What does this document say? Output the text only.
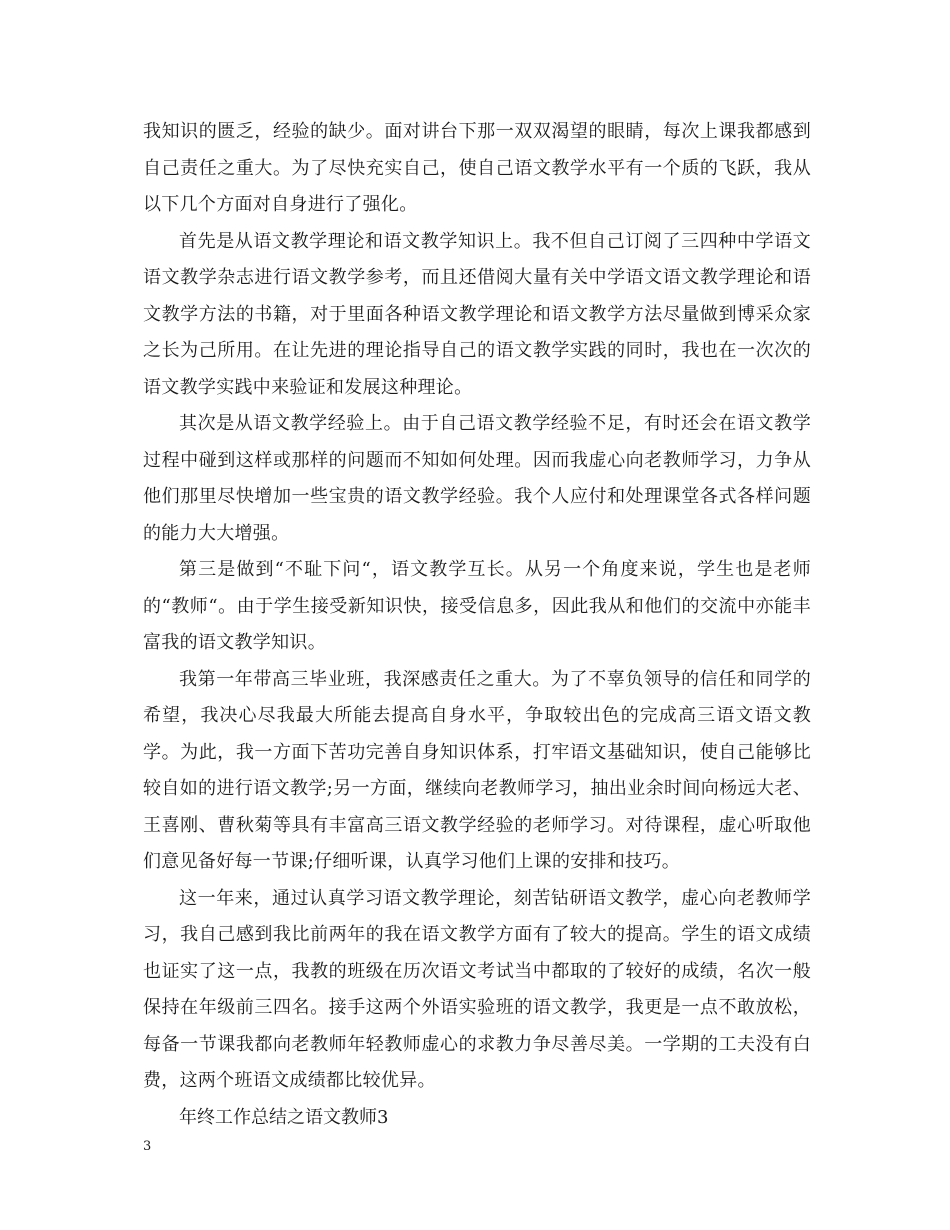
我知识的匮乏，经验的缺少。面对讲台下那一双双渴望的眼睛，每次上课我都感到自己责任之重大。为了尽快充实自己，使自己语文教学水平有一个质的飞跃，我从以下几个方面对自身进行了强化。

首先是从语文教学理论和语文教学知识上。我不但自己订阅了三四种中学语文语文教学杂志进行语文教学参考，而且还借阅大量有关中学语文语文教学理论和语文教学方法的书籍，对于里面各种语文教学理论和语文教学方法尽量做到博采众家之长为己所用。在让先进的理论指导自己的语文教学实践的同时，我也在一次次的语文教学实践中来验证和发展这种理论。

其次是从语文教学经验上。由于自己语文教学经验不足，有时还会在语文教学过程中碰到这样或那样的问题而不知如何处理。因而我虚心向老教师学习，力争从他们那里尽快增加一些宝贵的语文教学经验。我个人应付和处理课堂各式各样问题的能力大大增强。

第三是做到“不耻下问“，语文教学互长。从另一个角度来说，学生也是老师的“教师“。由于学生接受新知识快，接受信息多，因此我从和他们的交流中亦能丰富我的语文教学知识。

我第一年带高三毕业班，我深感责任之重大。为了不辜负领导的信任和同学的希望，我决心尽我最大所能去提高自身水平，争取较出色的完成高三语文语文教学。为此，我一方面下苦功完善自身知识体系，打牢语文基础知识，使自己能够比较自如的进行语文教学;另一方面，继续向老教师学习，抽出业余时间向杨远大老、王喜刚、曹秋菊等具有丰富高三语文教学经验的老师学习。对待课程，虚心听取他们意见备好每一节课;仔细听课，认真学习他们上课的安排和技巧。

这一年来，通过认真学习语文教学理论，刻苦钻研语文教学，虚心向老教师学习，我自己感到我比前两年的我在语文教学方面有了较大的提高。学生的语文成绩也证实了这一点，我教的班级在历次语文考试当中都取的了较好的成绩，名次一般保持在年级前三四名。接手这两个外语实验班的语文教学，我更是一点不敢放松，每备一节课我都向老教师年轻教师虚心的求教力争尽善尽美。一学期的工夫没有白费，这两个班语文成绩都比较优异。

年终工作总结之语文教师3

3
